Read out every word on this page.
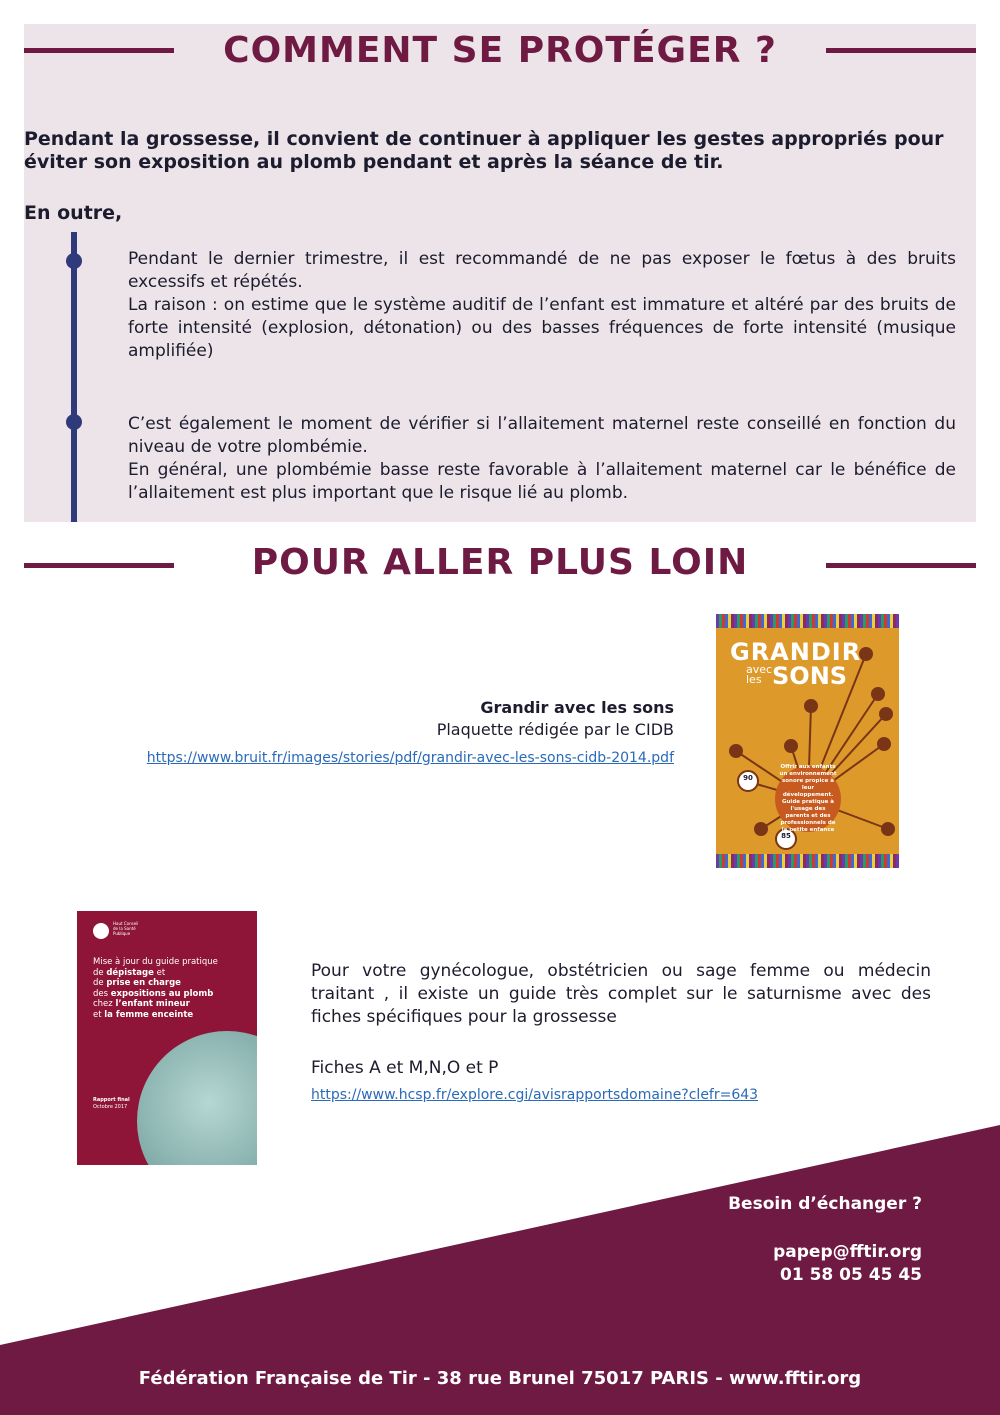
COMMENT SE PROTÉGER ?
Pendant la grossesse, il convient de continuer à appliquer les gestes appropriés pour éviter son exposition au plomb pendant et après la séance de tir.
En outre,
Pendant le dernier trimestre, il est recommandé de ne pas exposer le fœtus à des bruits excessifs et répétés.
La raison : on estime que le système auditif de l’enfant est immature et altéré par des bruits de forte intensité (explosion, détonation) ou des basses fréquences de forte intensité (musique amplifiée)
C’est également le moment de vérifier si l’allaitement maternel reste conseillé en fonction du niveau de votre plombémie.
En général, une plombémie basse reste favorable à l’allaitement maternel car le bénéfice de l’allaitement est plus important que le risque lié au plomb.
POUR ALLER PLUS LOIN
Grandir avec les sons
Plaquette rédigée par le CIDB
https://www.bruit.fr/images/stories/pdf/grandir-avec-les-sons-cidb-2014.pdf
GRANDIR
avec
les SONS
Offrir aux enfants un environnement sonore propice à leur développement. Guide pratique à l'usage des parents et des professionnels de la petite enfance
90
85
Haut Conseil de la Santé Publique
Mise à jour du guide pratique
de dépistage et
de prise en charge
des expositions au plomb
chez l’enfant mineur
et la femme enceinte
Rapport final
Octobre 2017
Pour votre gynécologue, obstétricien ou sage femme ou médecin traitant , il existe un guide très complet sur le saturnisme avec des fiches spécifiques pour la grossesse
Fiches A et M,N,O et P
https://www.hcsp.fr/explore.cgi/avisrapportsdomaine?clefr=643
Besoin d’échanger ?
papep@fftir.org
01 58 05 45 45
Fédération Française de Tir - 38 rue Brunel 75017 PARIS - www.fftir.org
